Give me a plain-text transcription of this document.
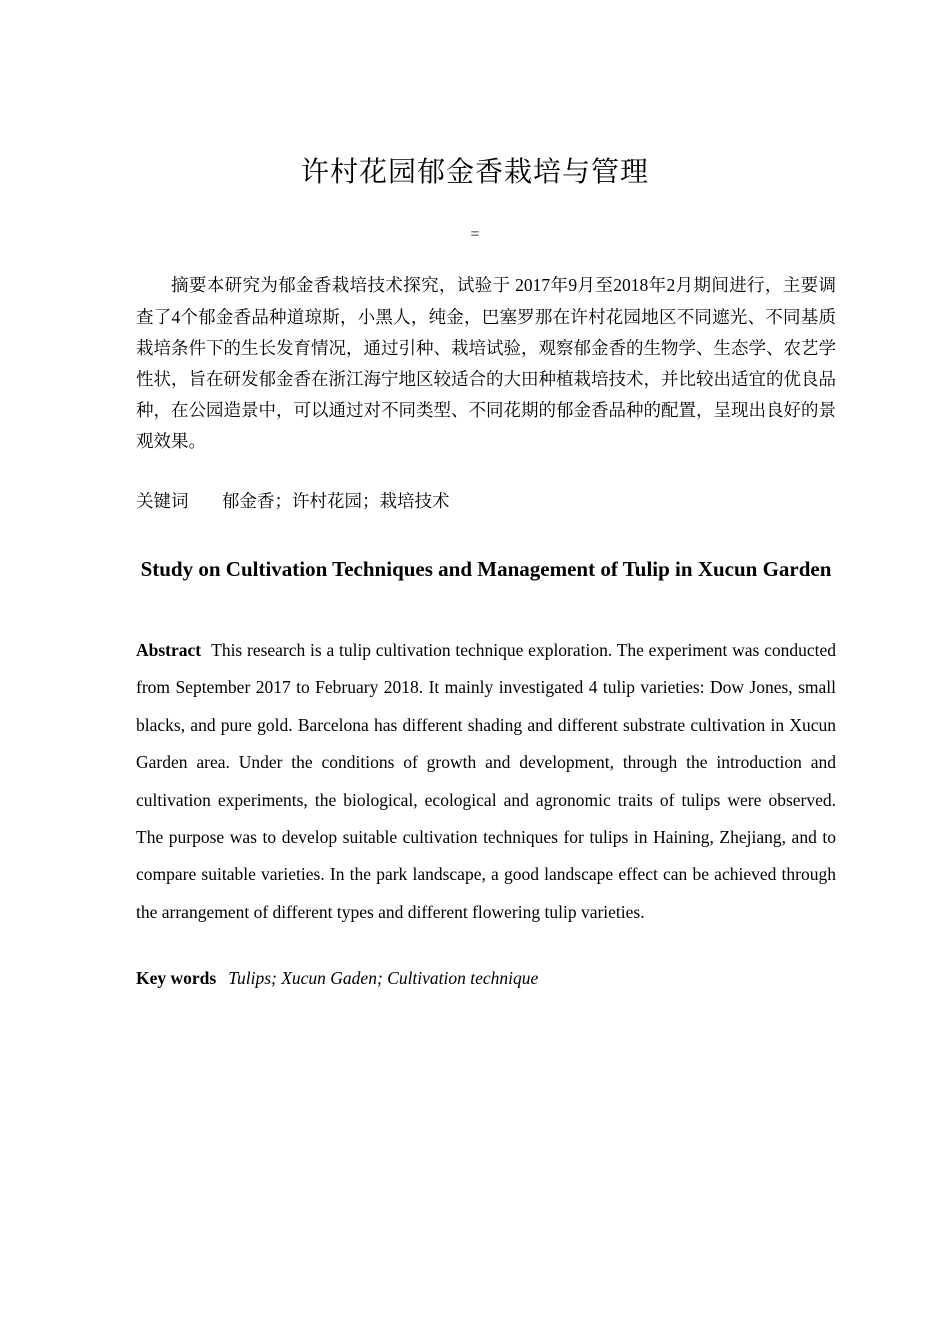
许村花园郁金香栽培与管理
=
摘要本研究为郁金香栽培技术探究，试验于 2017年9月至2018年2月期间进行，主要调查了4个郁金香品种道琼斯，小黑人，纯金，巴塞罗那在许村花园地区不同遮光、不同基质栽培条件下的生长发育情况，通过引种、栽培试验，观察郁金香的生物学、生态学、农艺学性状，旨在研发郁金香在浙江海宁地区较适合的大田种植栽培技术，并比较出适宜的优良品种，在公园造景中，可以通过对不同类型、不同花期的郁金香品种的配置，呈现出良好的景观效果。
关键词 郁金香；许村花园；栽培技术
Study on Cultivation Techniques and Management of Tulip in Xucun Garden
Abstract This research is a tulip cultivation technique exploration. The experiment was conducted from September 2017 to February 2018. It mainly investigated 4 tulip varieties: Dow Jones, small blacks, and pure gold. Barcelona has different shading and different substrate cultivation in Xucun Garden area. Under the conditions of growth and development, through the introduction and cultivation experiments, the biological, ecological and agronomic traits of tulips were observed. The purpose was to develop suitable cultivation techniques for tulips in Haining, Zhejiang, and to compare suitable varieties. In the park landscape, a good landscape effect can be achieved through the arrangement of different types and different flowering tulip varieties.
Key words Tulips; Xucun Gaden; Cultivation technique
